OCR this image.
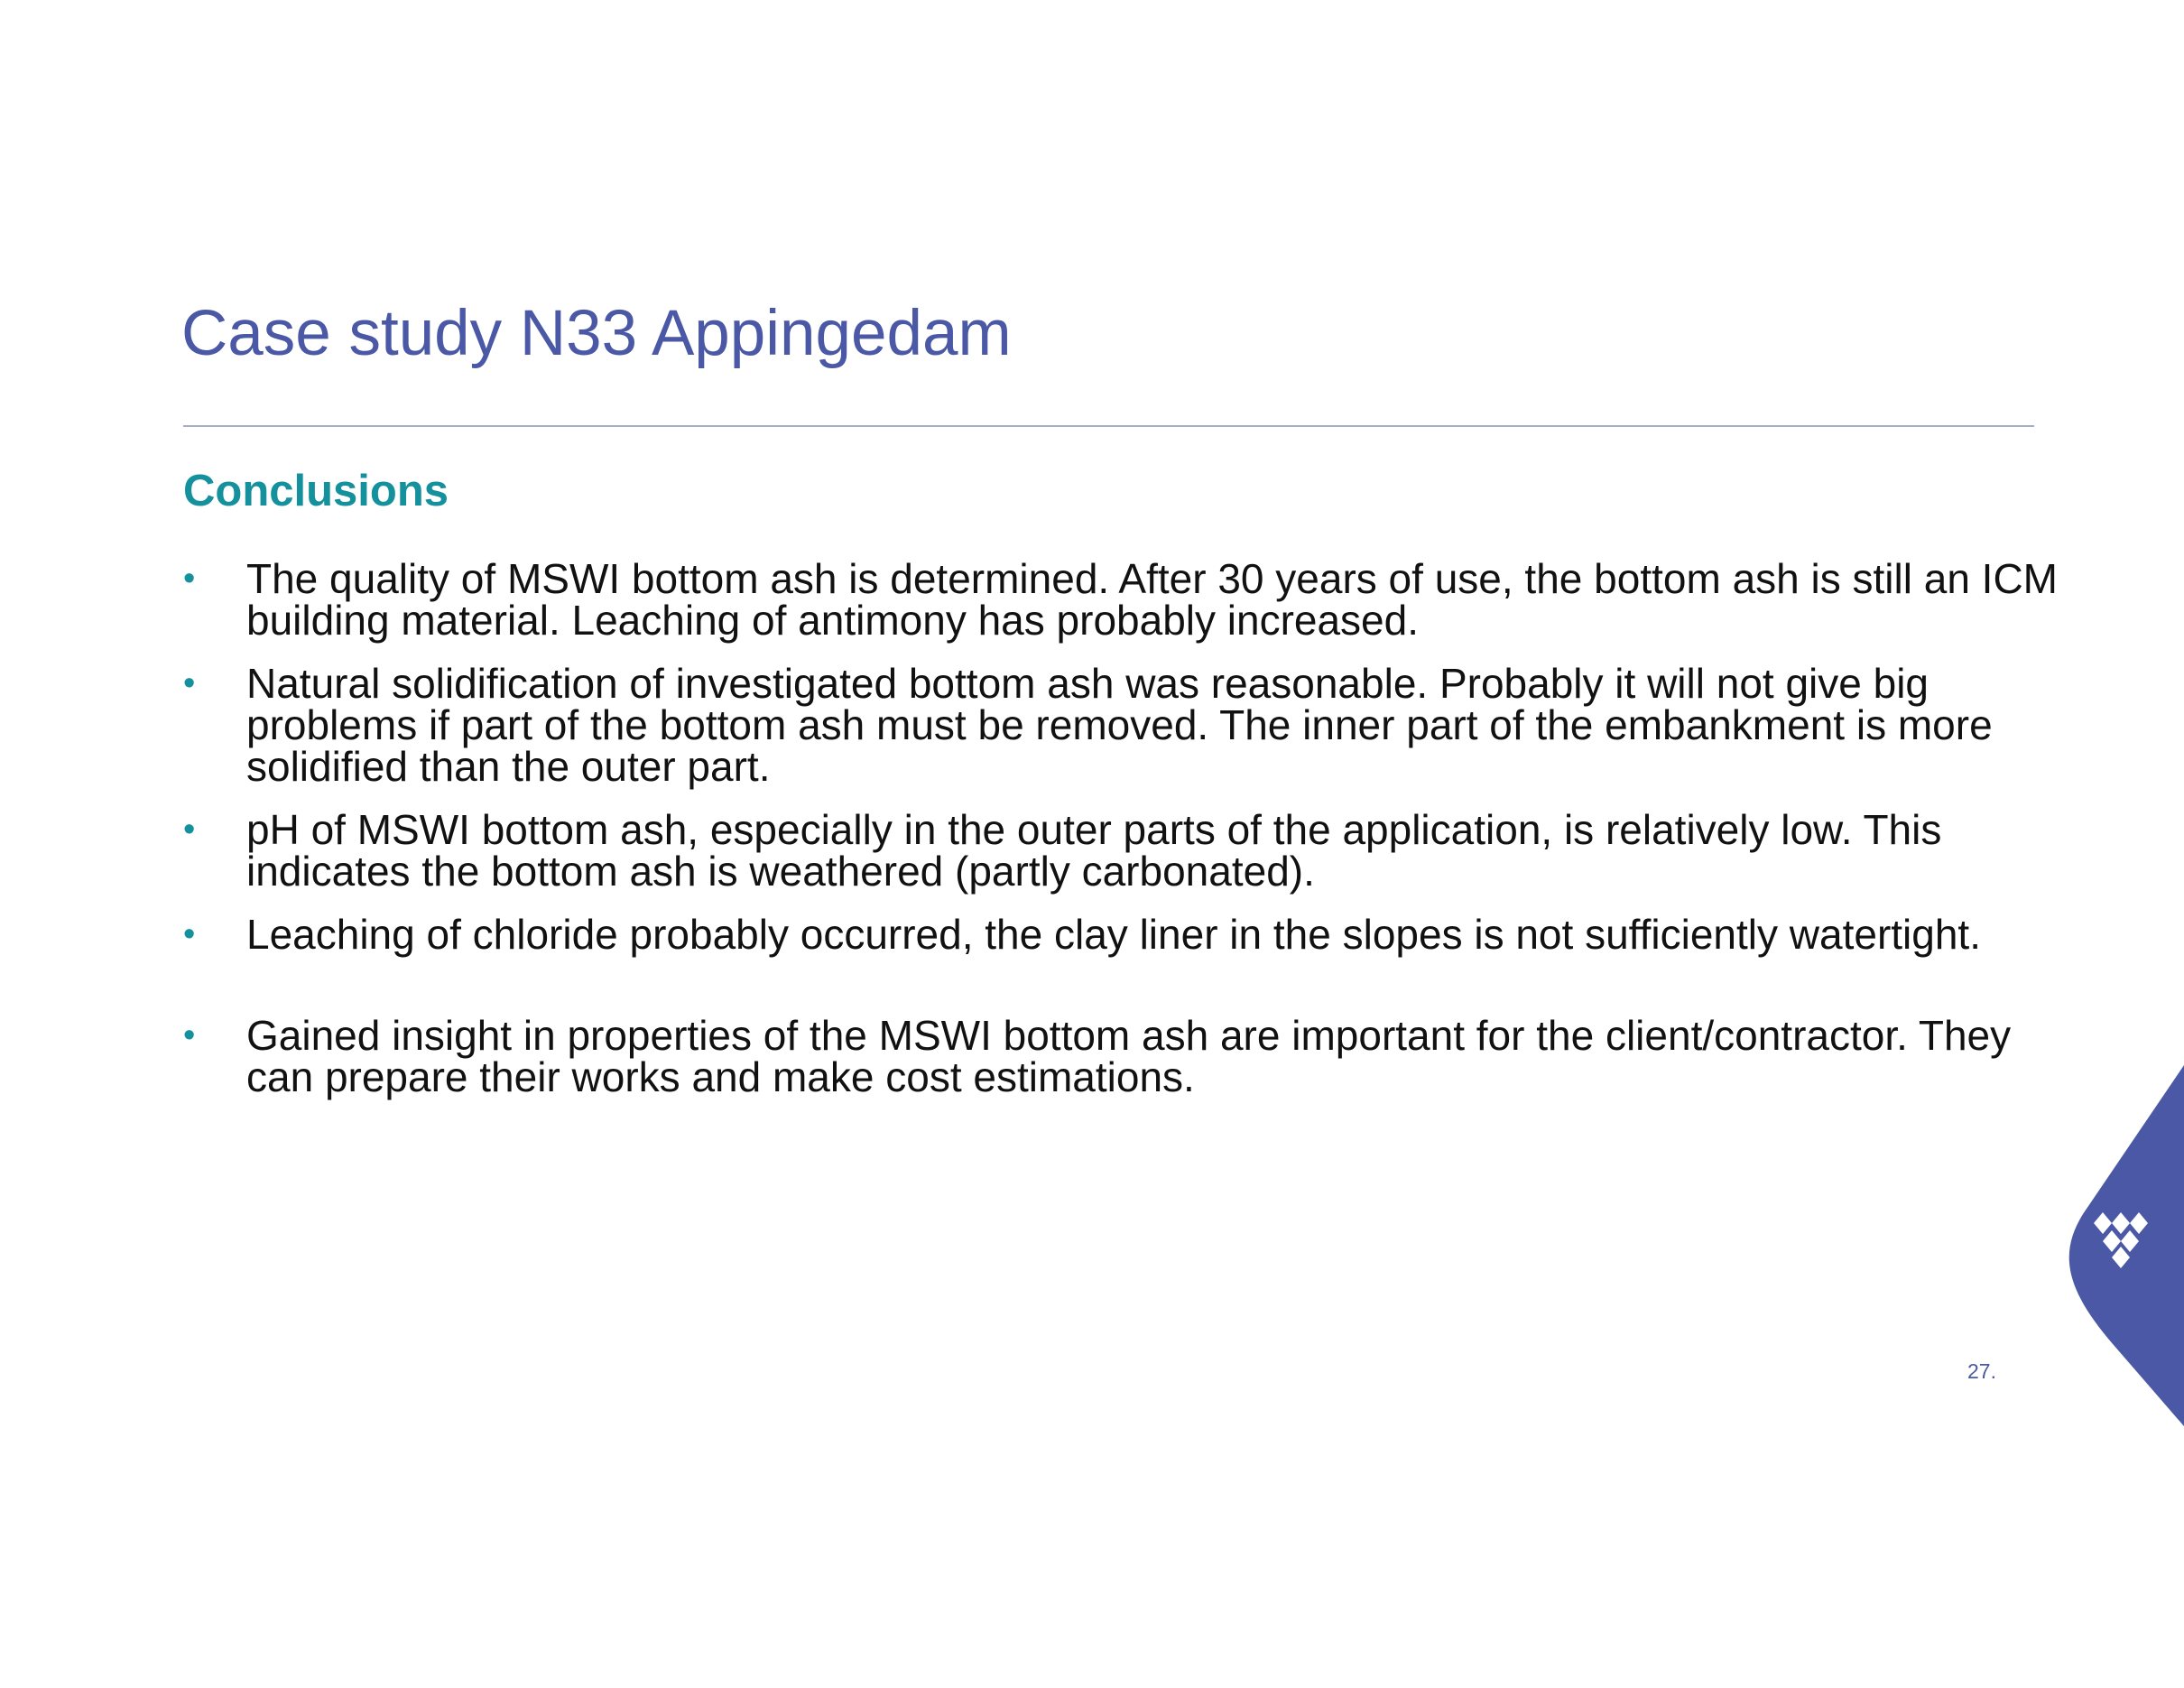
Case study N33 Appingedam
Conclusions
• The quality of MSWI bottom ash is determined. After 30 years of use, the bottom ash is still an ICM building material. Leaching of antimony has probably increased.
• Natural solidification of investigated bottom ash was reasonable. Probably it will not give big problems if part of the bottom ash must be removed. The inner part of the embankment is more solidified than the outer part.
• pH of MSWI bottom ash, especially in the outer parts of the application, is relatively low. This indicates the bottom ash is weathered (partly carbonated).
• Leaching of chloride probably occurred, the clay liner in the slopes is not sufficiently watertight.
• Gained insight in properties of the MSWI bottom ash are important for the client/contractor. They can prepare their works and make cost estimations.
27.
